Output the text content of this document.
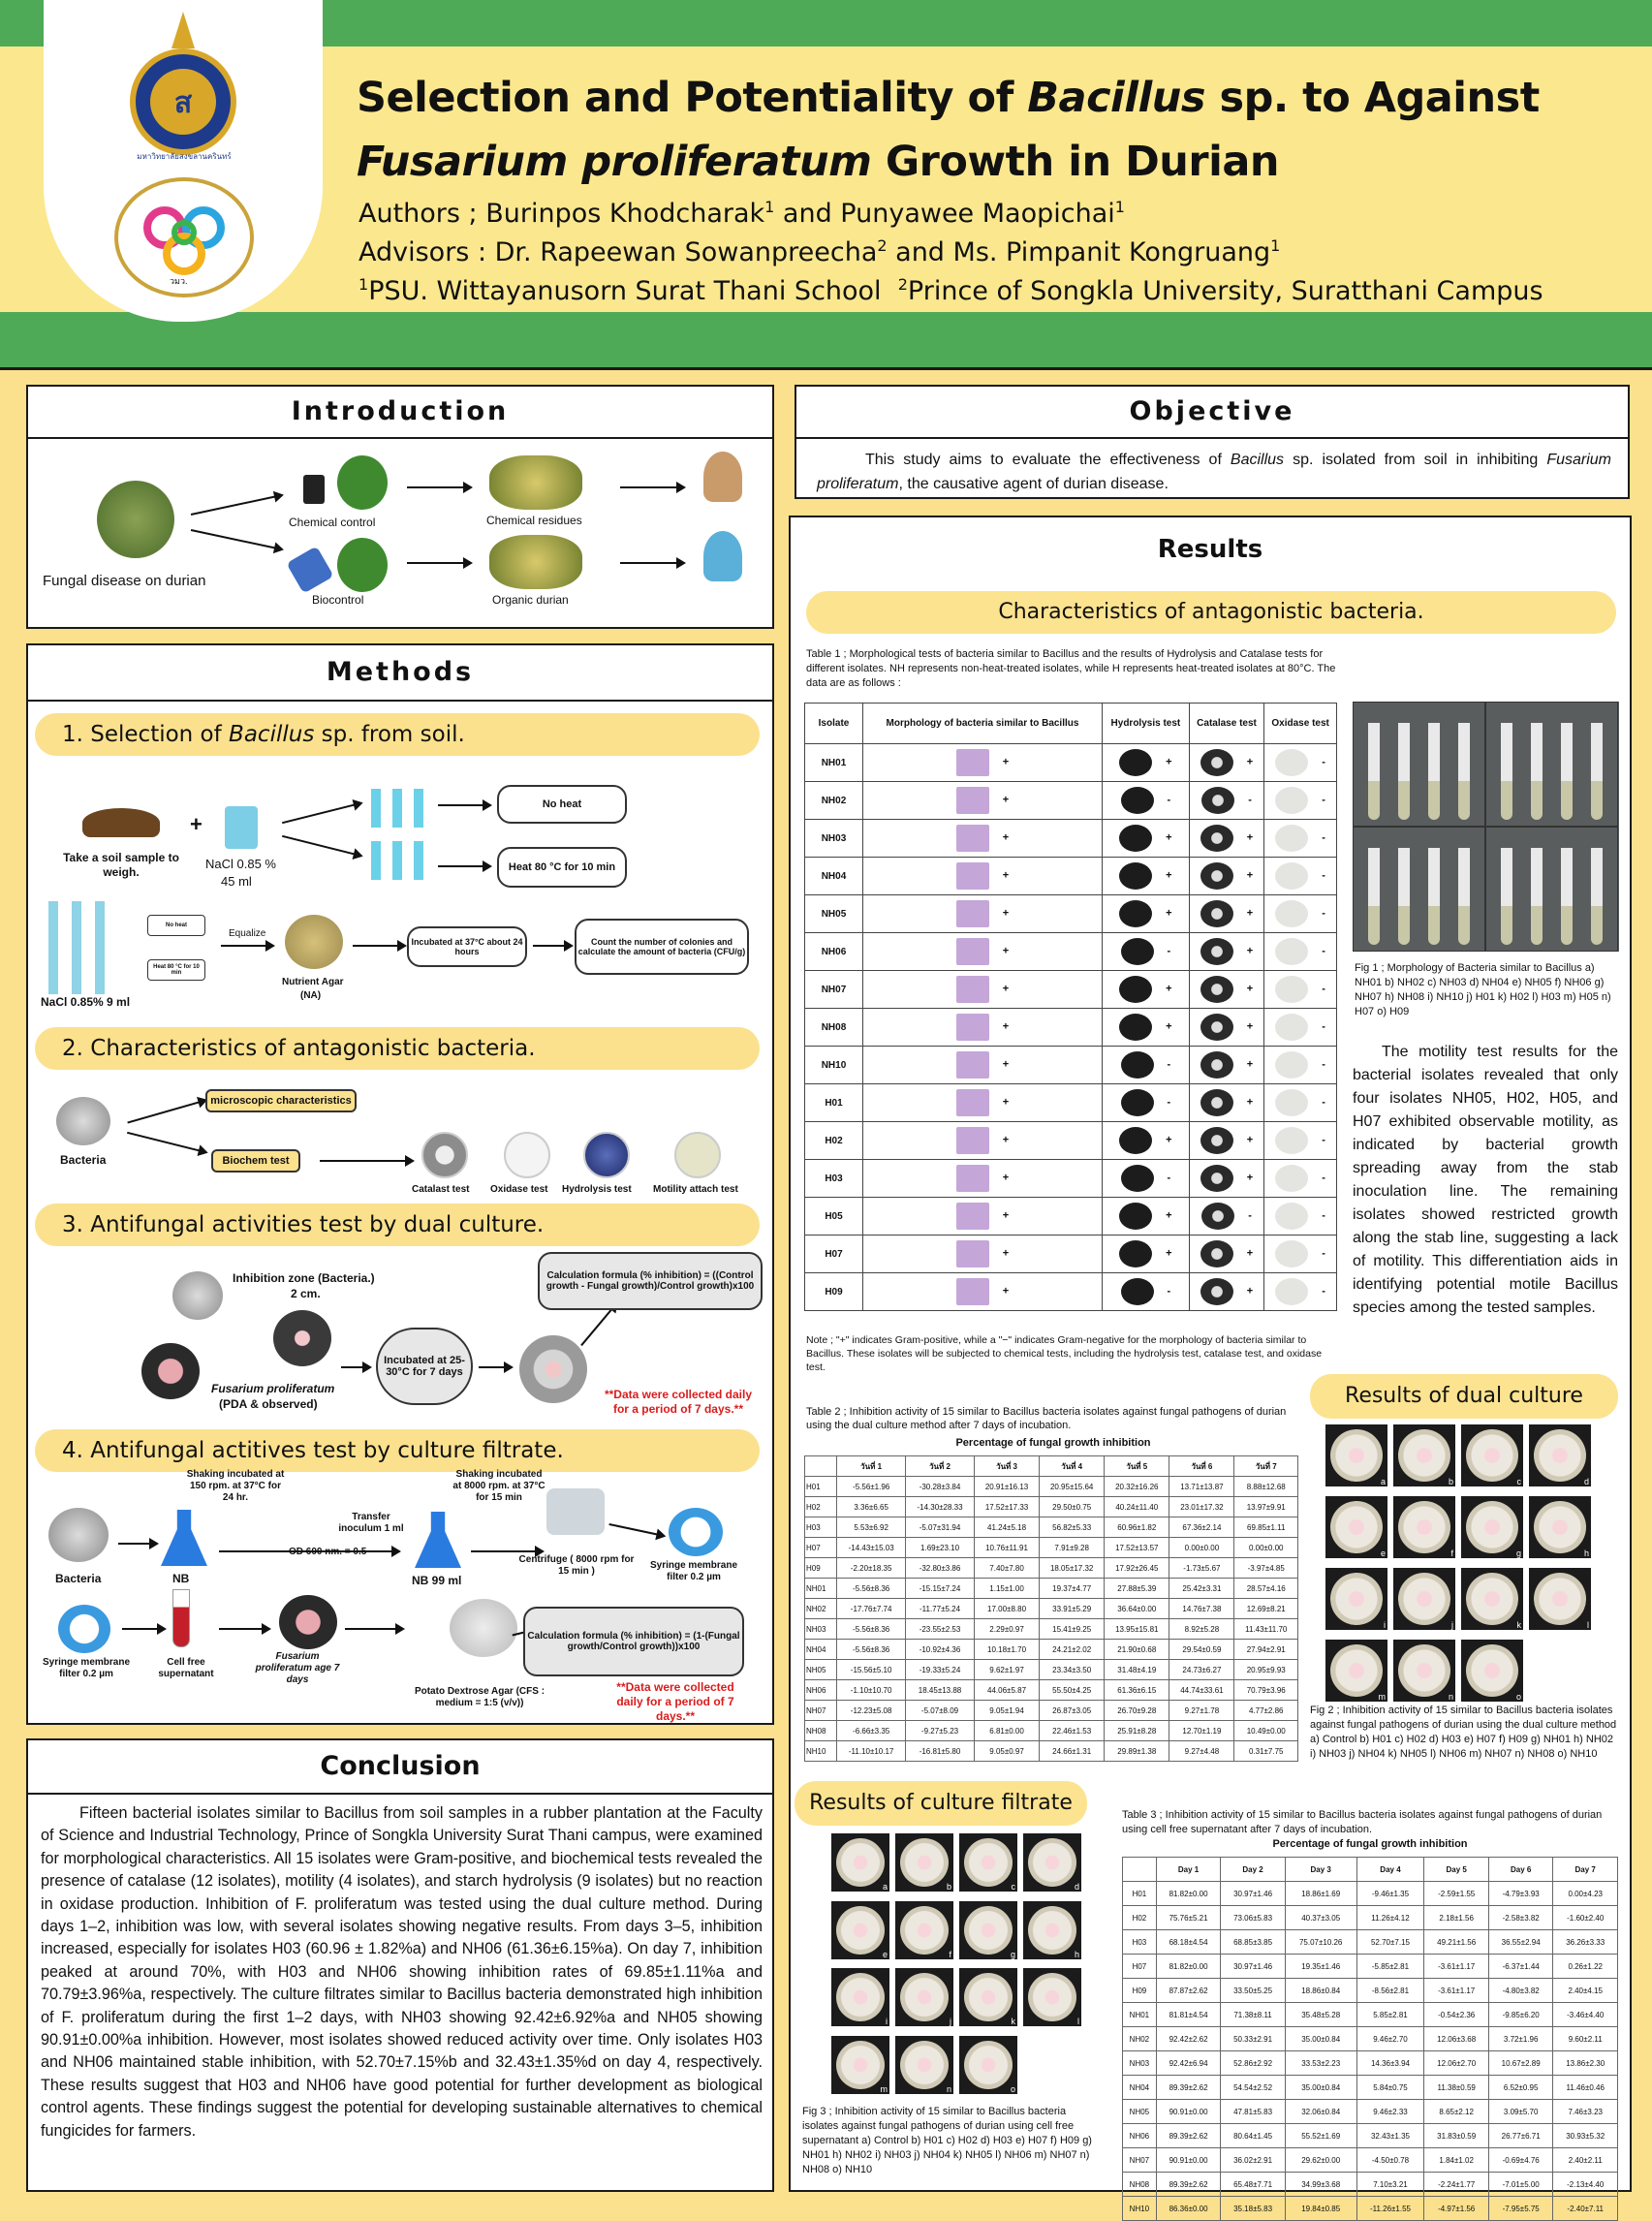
ส
มหาวิทยาลัยสงขลานครินทร์
วมว.
Selection and Potentiality of Bacillus sp. to Against
Fusarium proliferatum Growth in Durian
Authors ; Burinpos Khodcharak$^1$ and Punyawee Maopichai$^1$
Advisors : Dr. Rapeewan Sowanpreecha$^2$ and Ms. Pimpanit Kongruang$^1$
$^1$PSU. Wittayanusorn Surat Thani School $^2$Prince of Songkla University, Suratthani Campus
Introduction
Fungal disease on durian
Chemical control	Chemical residues
Biocontrol	Organic durian
Objective
This study aims to evaluate the effectiveness of Bacillus sp. isolated from soil in inhibiting Fusarium proliferatum, the causative agent of durian disease.
Methods
1. Selection of Bacillus sp. from soil.
Take a soil sample to weigh.
+
NaCl 0.85 %
45 ml
No heat
Heat 80 °C for 10 min
No heat
Heat 80 °C for 10 min
NaCl 0.85% 9 ml
Equalize
Nutrient Agar
(NA)
Incubated at 37°C about 24 hours
Count the number of colonies and calculate the amount of bacteria (CFU/g)
2. Characteristics of antagonistic bacteria.
Bacteria
microscopic characteristics
Biochem test
Catalast test Oxidase test Hydrolysis test Motility attach test
3. Antifungal activities test by dual culture.
Inhibition zone (Bacteria.)
2 cm.
Fusarium proliferatum
(PDA & observed)
Incubated at 25-30°C for 7 days
Calculation formula (% inhibition) = ((Control growth - Fungal growth)/Control growth)x100
**Data were collected daily for a period of 7 days.**
4. Antifungal actitives test by culture filtrate.
Bacteria
Shaking incubated at 150 rpm. at 37°C for 24 hr.
NB
OD 600 nm. = 0.5
Transfer inoculum 1 ml
Shaking incubated at 8000 rpm. at 37°C for 15 min
NB 99 ml
Centrifuge ( 8000 rpm for 15 min )
Syringe membrane filter 0.2 µm
Syringe membrane filter 0.2 µm
Cell free supernatant
Fusarium proliferatum age 7 days
Potato Dextrose Agar (CFS : medium = 1:5 (v/v))
Calculation formula (% inhibition) = (1-(Fungal growth/Control growth))x100
**Data were collected daily for a period of 7 days.**
Conclusion
Fifteen bacterial isolates similar to Bacillus from soil samples in a rubber plantation at the Faculty of Science and Industrial Technology, Prince of Songkla University Surat Thani campus, were examined for morphological characteristics. All 15 isolates were Gram-positive, and biochemical tests revealed the presence of catalase (12 isolates), motility (4 isolates), and starch hydrolysis (9 isolates) but no reaction in oxidase production. Inhibition of F. proliferatum was tested using the dual culture method. During days 1–2, inhibition was low, with several isolates showing negative results. From days 3–5, inhibition increased, especially for isolates H03 (60.96 ± 1.82%a) and NH06 (61.36±6.15%a). On day 7, inhibition peaked at around 70%, with H03 and NH06 showing inhibition rates of 69.85±1.11%a and 70.79±3.96%a, respectively. The culture filtrates similar to Bacillus bacteria demonstrated high inhibition of F. proliferatum during the first 1–2 days, with NH03 showing 92.42±6.92%a and NH05 showing 90.91±0.00%a inhibition. However, most isolates showed reduced activity over time. Only isolates H03 and NH06 maintained stable inhibition, with 52.70±7.15%b and 32.43±1.35%d on day 4, respectively. These results suggest that H03 and NH06 have good potential for further development as biological control agents. These findings suggest the potential for developing sustainable alternatives to chemical fungicides for farmers.
Results
Characteristics of antagonistic bacteria.
Table 1 ; Morphological tests of bacteria similar to Bacillus and the results of Hydrolysis and Catalase tests for different isolates. NH represents non-heat-treated isolates, while H represents heat-treated isolates at 80°C. The data are as follows :
Isolate	Morphology of bacteria similar to Bacillus	Hydrolysis test	Catalase test	Oxidase test
NH01	+	+	+	-
NH02	+	-	-	-
NH03	+	+	+	-
NH04	+	+	+	-
NH05	+	+	+	-
NH06	+	-	+	-
NH07	+	+	+	-
NH08	+	+	+	-
NH10	+	-	+	-
H01	+	-	+	-
H02	+	+	+	-
H03	+	-	+	-
H05	+	+	-	-
H07	+	+	+	-
H09	+	-	+	-
Note ; "+" indicates Gram-positive, while a "−" indicates Gram-negative for the morphology of bacteria similar to Bacillus. These isolates will be subjected to chemical tests, including the hydrolysis test, catalase test, and oxidase test.
Fig 1 ; Morphology of Bacteria similar to Bacillus a) NH01 b) NH02 c) NH03 d) NH04 e) NH05 f) NH06 g) NH07 h) NH08 i) NH10 j) H01 k) H02 l) H03 m) H05 n) H07 o) H09
The motility test results for the bacterial isolates revealed that only four isolates NH05, H02, H05, and H07 exhibited observable motility, as indicated by bacterial growth spreading away from the stab inoculation line. The remaining isolates showed restricted growth along the stab line, suggesting a lack of motility. This differentiation aids in identifying potential motile Bacillus species among the tested samples.
Results of dual culture
Table 2 ; Inhibition activity of 15 similar to Bacillus bacteria isolates against fungal pathogens of durian using the dual culture method after 7 days of incubation.
Percentage of fungal growth inhibition
	วันที่ 1	วันที่ 2	วันที่ 3	วันที่ 4	วันที่ 5	วันที่ 6	วันที่ 7
H01	-5.56±1.96	-30.28±3.84	20.91±16.13	20.95±15.64	20.32±16.26	13.71±13.87	8.88±12.68
H02	3.36±6.65	-14.30±28.33	17.52±17.33	29.50±0.75	40.24±11.40	23.01±17.32	13.97±9.91
H03	5.53±6.92	-5.07±31.94	41.24±5.18	56.82±5.33	60.96±1.82	67.36±2.14	69.85±1.11
H07	-14.43±15.03	1.69±23.10	10.76±11.91	7.91±9.28	17.52±13.57	0.00±0.00	0.00±0.00
H09	-2.20±18.35	-32.80±3.86	7.40±7.80	18.05±17.32	17.92±26.45	-1.73±5.67	-3.97±4.85
NH01	-5.56±8.36	-15.15±7.24	1.15±1.00	19.37±4.77	27.88±5.39	25.42±3.31	28.57±4.16
NH02	-17.76±7.74	-11.77±5.24	17.00±8.80	33.91±5.29	36.64±0.00	14.76±7.38	12.69±8.21
NH03	-5.56±8.36	-23.55±2.53	2.29±0.97	15.41±9.25	13.95±15.81	8.92±5.28	11.43±11.70
NH04	-5.56±8.36	-10.92±4.36	10.18±1.70	24.21±2.02	21.90±0.68	29.54±0.59	27.94±2.91
NH05	-15.56±5.10	-19.33±5.24	9.62±1.97	23.34±3.50	31.48±4.19	24.73±6.27	20.95±9.93
NH06	-1.10±10.70	18.45±13.88	44.06±5.87	55.50±4.25	61.36±6.15	44.74±33.61	70.79±3.96
NH07	-12.23±5.08	-5.07±8.09	9.05±1.94	26.87±3.05	26.70±9.28	9.27±1.78	4.77±2.86
NH08	-6.66±3.35	-9.27±5.23	6.81±0.00	22.46±1.53	25.91±8.28	12.70±1.19	10.49±0.00
NH10	-11.10±10.17	-16.81±5.80	9.05±0.97	24.66±1.31	29.89±1.38	9.27±4.48	0.31±7.75
a	b	c	d
e	f	g	h
i	j	k	l
m	n	o
Fig 2 ; Inhibition activity of 15 similar to Bacillus bacteria isolates against fungal pathogens of durian using the dual culture method a) Control b) H01 c) H02 d) H03 e) H07 f) H09 g) NH01 h) NH02 i) NH03 j) NH04 k) NH05 l) NH06 m) NH07 n) NH08 o) NH10
Results of culture filtrate
a	b	c	d
e	f	g	h
i	j	k	l
m	n	o
Fig 3 ; Inhibition activity of 15 similar to Bacillus bacteria isolates against fungal pathogens of durian using cell free supernatant a) Control b) H01 c) H02 d) H03 e) H07 f) H09 g) NH01 h) NH02 i) NH03 j) NH04 k) NH05 l) NH06 m) NH07 n) NH08 o) NH10
Table 3 ; Inhibition activity of 15 similar to Bacillus bacteria isolates against fungal pathogens of durian using cell free supernatant after 7 days of incubation.
Percentage of fungal growth inhibition
	Day 1	Day 2	Day 3	Day 4	Day 5	Day 6	Day 7
H01	81.82±0.00	30.97±1.46	18.86±1.69	-9.46±1.35	-2.59±1.55	-4.79±3.93	0.00±4.23
H02	75.76±5.21	73.06±5.83	40.37±3.05	11.26±4.12	2.18±1.56	-2.58±3.82	-1.60±2.40
H03	68.18±4.54	68.85±3.85	75.07±10.26	52.70±7.15	49.21±1.56	36.55±2.94	36.26±3.33
H07	81.82±0.00	30.97±1.46	19.35±1.46	-5.85±2.81	-3.61±1.17	-6.37±1.44	0.26±1.22
H09	87.87±2.62	33.50±5.25	18.86±0.84	-8.56±2.81	-3.61±1.17	-4.80±3.82	2.40±4.15
NH01	81.81±4.54	71.38±8.11	35.48±5.28	5.85±2.81	-0.54±2.36	-9.85±6.20	-3.46±4.40
NH02	92.42±2.62	50.33±2.91	35.00±0.84	9.46±2.70	12.06±3.68	3.72±1.96	9.60±2.11
NH03	92.42±6.94	52.86±2.92	33.53±2.23	14.36±3.94	12.06±2.70	10.67±2.89	13.86±2.30
NH04	89.39±2.62	54.54±2.52	35.00±0.84	5.84±0.75	11.38±0.59	6.52±0.95	11.46±0.46
NH05	90.91±0.00	47.81±5.83	32.06±0.84	9.46±2.33	8.65±2.12	3.09±5.70	7.46±3.23
NH06	89.39±2.62	80.64±1.45	55.52±1.69	32.43±1.35	31.83±0.59	26.77±6.71	30.93±5.32
NH07	90.91±0.00	36.02±2.91	29.62±0.00	-4.50±0.78	1.84±1.02	-0.69±4.76	2.40±2.11
NH08	89.39±2.62	65.48±7.71	34.99±3.68	7.10±3.21	-2.24±1.77	-7.01±5.00	-2.13±4.40
NH10	86.36±0.00	35.18±5.83	19.84±0.85	-11.26±1.55	-4.97±1.56	-7.95±5.75	-2.40±7.11
